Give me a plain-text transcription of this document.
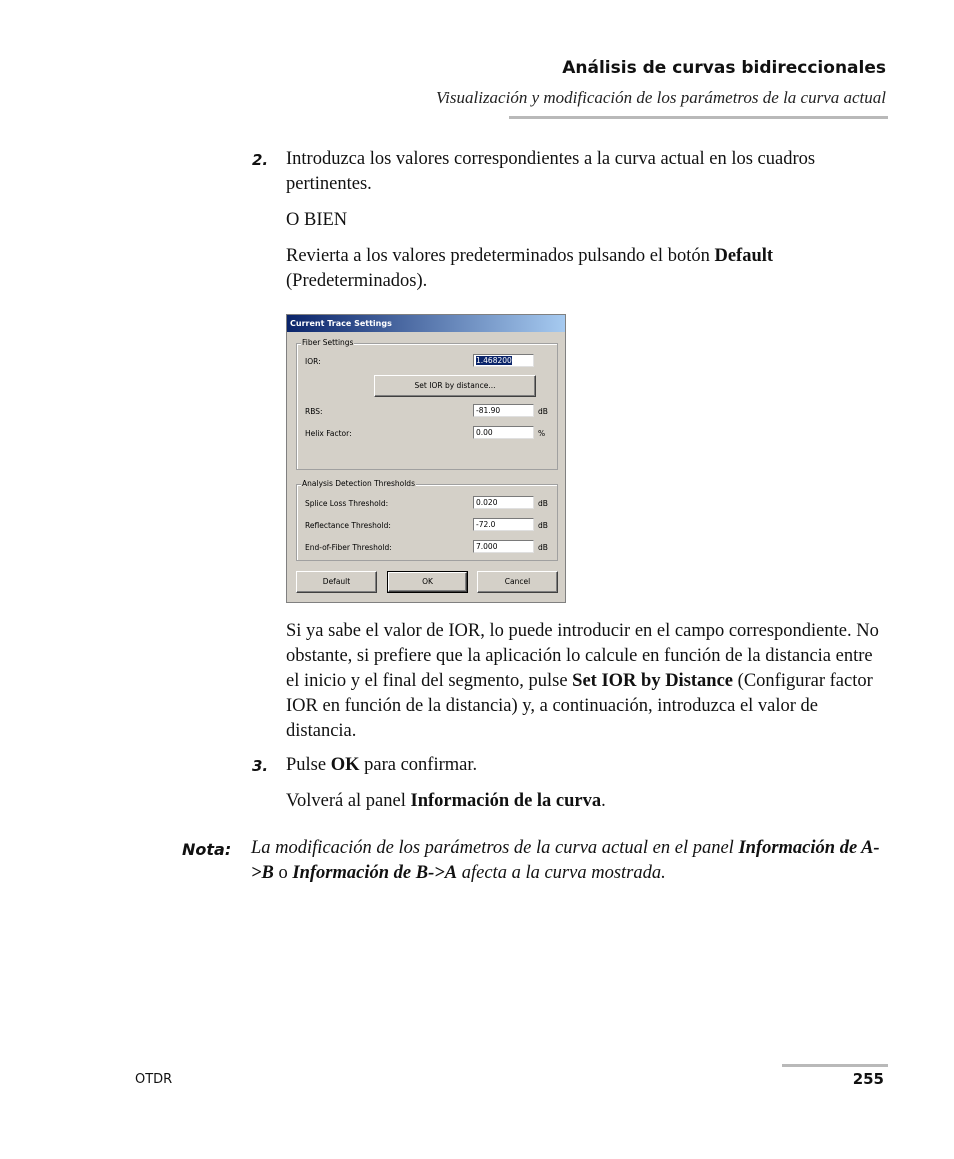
Análisis de curvas bidireccionales
Visualización y modificación de los parámetros de la curva actual
2. Introduzca los valores correspondientes a la curva actual en los cuadros pertinentes.
O BIEN
Revierta a los valores predeterminados pulsando el botón Default (Predeterminados).
Current Trace Settings
Fiber Settings
IOR:	1.468200
Set IOR by distance...
RBS:	-81.90	dB
Helix Factor:	0.00	%
Analysis Detection Thresholds
Splice Loss Threshold:	0.020	dB
Reflectance Threshold:	-72.0	dB
End-of-Fiber Threshold:	7.000	dB
Default	OK	Cancel
Si ya sabe el valor de IOR, lo puede introducir en el campo correspondiente. No obstante, si prefiere que la aplicación lo calcule en función de la distancia entre el inicio y el final del segmento, pulse Set IOR by Distance (Configurar factor IOR en función de la distancia) y, a continuación, introduzca el valor de distancia.
3. Pulse OK para confirmar.
Volverá al panel Información de la curva.
Nota: La modificación de los parámetros de la curva actual en el panel Información de A->B o Información de B->A afecta a la curva mostrada.
OTDR	255
